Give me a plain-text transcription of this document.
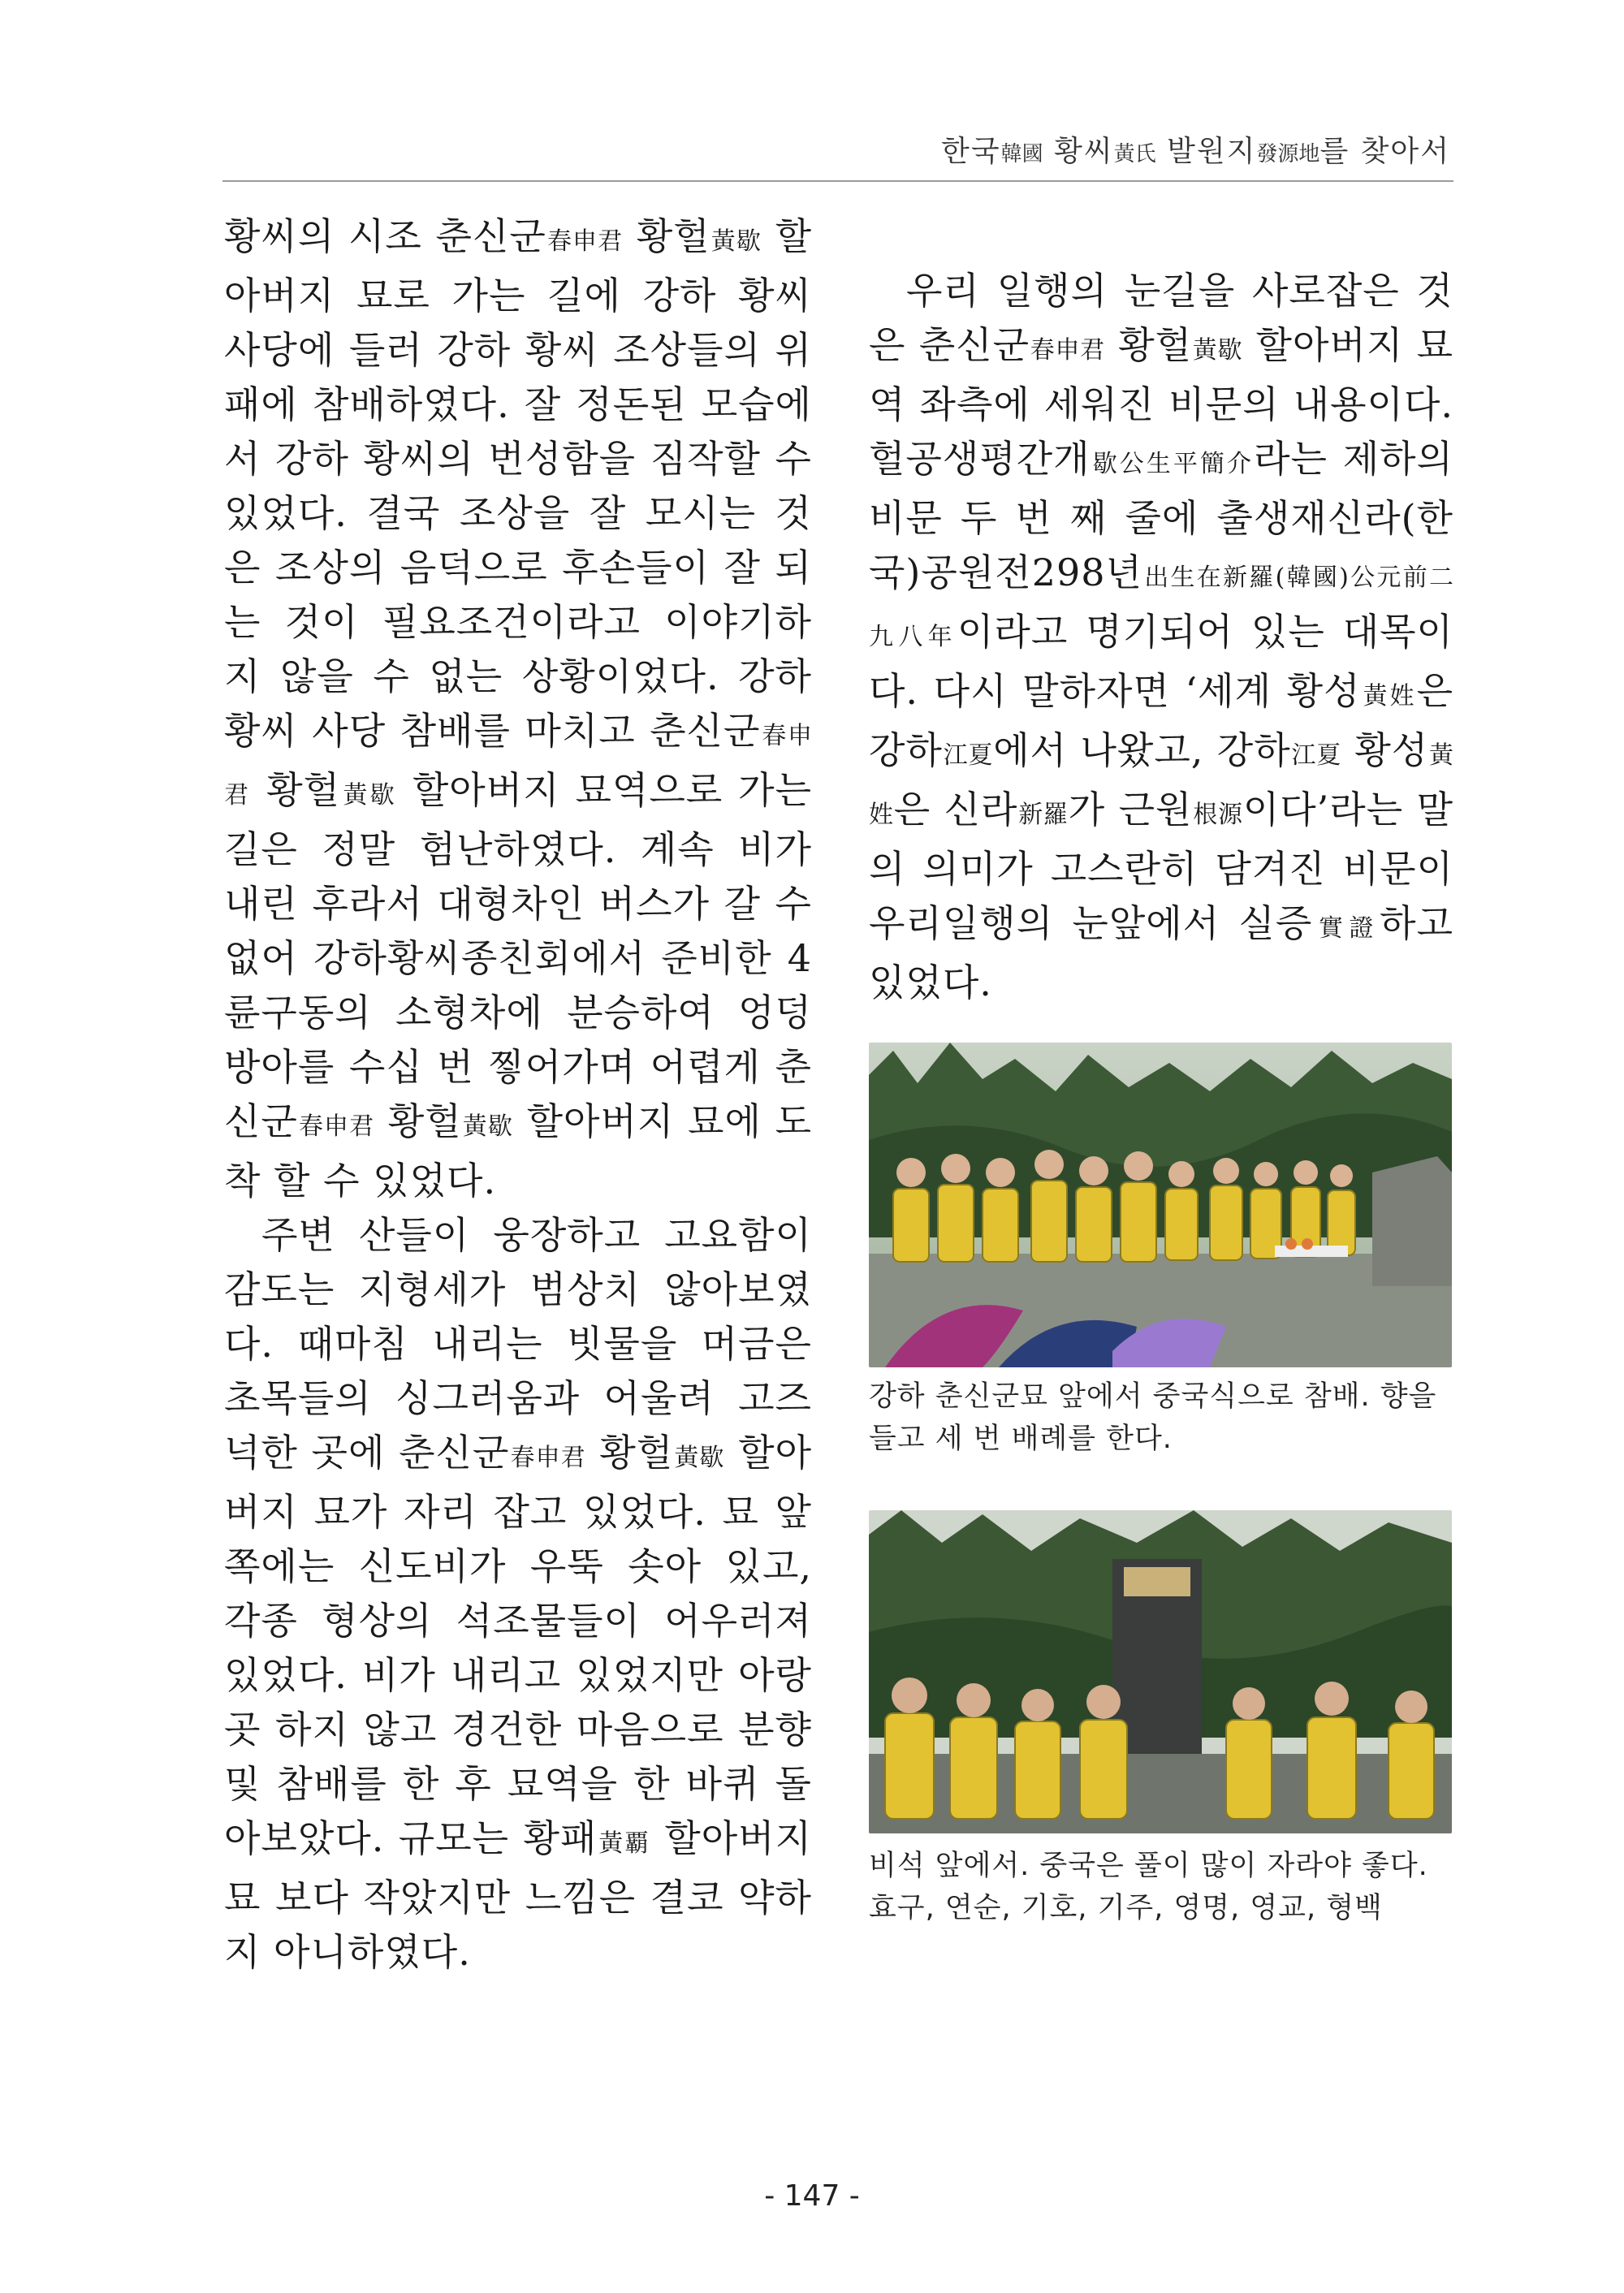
한국韓國 황씨黃氏 발원지發源地를 찾아서

황씨의 시조 춘신군春申君 황헐黃歇 할아버지 묘로 가는 길에 강하 황씨 사당에 들러 강하 황씨 조상들의 위패에 참배하였다. 잘 정돈된 모습에서 강하 황씨의 번성함을 짐작할 수 있었다. 결국 조상을 잘 모시는 것은 조상의 음덕으로 후손들이 잘 되는 것이 필요조건이라고 이야기하지 않을 수 없는 상황이었다. 강하 황씨 사당 참배를 마치고 춘신군春申君 황헐黃歇 할아버지 묘역으로 가는 길은 정말 험난하였다. 계속 비가 내린 후라서 대형차인 버스가 갈 수 없어 강하황씨종친회에서 준비한 4륜구동의 소형차에 분승하여 엉덩방아를 수십 번 찧어가며 어렵게 춘신군春申君 황헐黃歇 할아버지 묘에 도착 할 수 있었다.

주변 산들이 웅장하고 고요함이 감도는 지형세가 범상치 않아보였다. 때마침 내리는 빗물을 머금은 초목들의 싱그러움과 어울려 고즈넉한 곳에 춘신군春申君 황헐黃歇 할아버지 묘가 자리 잡고 있었다. 묘 앞쪽에는 신도비가 우뚝 솟아 있고, 각종 형상의 석조물들이 어우러져 있었다. 비가 내리고 있었지만 아랑곳 하지 않고 경건한 마음으로 분향 및 참배를 한 후 묘역을 한 바퀴 돌아보았다. 규모는 황패黃覇 할아버지 묘 보다 작았지만 느낌은 결코 약하지 아니하였다.

우리 일행의 눈길을 사로잡은 것은 춘신군春申君 황헐黃歇 할아버지 묘역 좌측에 세워진 비문의 내용이다. 헐공생평간개歇公生平簡介라는 제하의 비문 두 번 째 줄에 출생재신라(한국)공원전298년出生在新羅(韓國)公元前二九八年이라고 명기되어 있는 대목이다. 다시 말하자면 ‘세계 황성黃姓은 강하江夏에서 나왔고, 강하江夏 황성黃姓은 신라新羅가 근원根源이다’라는 말의 의미가 고스란히 담겨진 비문이 우리일행의 눈앞에서 실증實證하고 있었다.

강하 춘신군묘 앞에서 중국식으로 참배. 향을 들고 세 번 배례를 한다.
비석 앞에서. 중국은 풀이 많이 자라야 좋다. 효구, 연순, 기호, 기주, 영명, 영교, 형백
- 147 -
